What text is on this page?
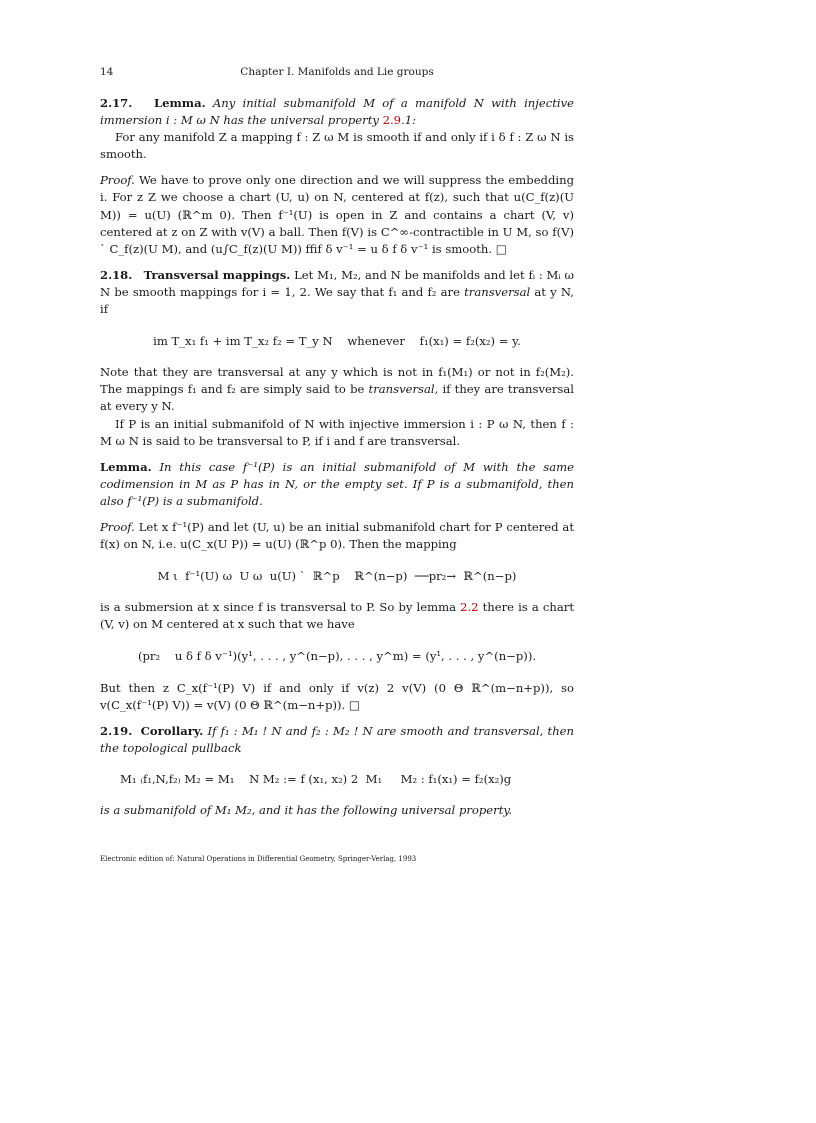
14	Chapter I. Manifolds and Lie groups

2.17. Lemma. Any initial submanifold M of a manifold N with injective immersion i : M ω N has the universal property 2.9.1:

For any manifold Z a mapping f : Z ω M is smooth if and only if i δ f : Z ω N is smooth.

Proof. We have to prove only one direction and we will suppress the embedding i. For z Z we choose a chart (U, u) on N, centered at f(z), such that u(C_f(z)(U M)) = u(U) (ℝ^m 0). Then f⁻¹(U) is open in Z and contains a chart (V, v) centered at z on Z with v(V) a ball. Then f(V) is C^∞-contractible in U M, so f(V) ` C_f(z)(U M), and (u∫C_f(z)(U M)) ﬃf δ v⁻¹ = u δ f δ v⁻¹ is smooth. □

2.18. Transversal mappings. Let M₁, M₂, and N be manifolds and let fᵢ : Mᵢ ω N be smooth mappings for i = 1, 2. We say that f₁ and f₂ are transversal at y N, if

im T_x₁ f₁ + im T_x₂ f₂ = T_y N    whenever    f₁(x₁) = f₂(x₂) = y.

Note that they are transversal at any y which is not in f₁(M₁) or not in f₂(M₂). The mappings f₁ and f₂ are simply said to be transversal, if they are transversal at every y N.

If P is an initial submanifold of N with injective immersion i : P ω N, then f : M ω N is said to be transversal to P, if i and f are transversal.

Lemma. In this case f⁻¹(P) is an initial submanifold of M with the same codimension in M as P has in N, or the empty set. If P is a submanifold, then also f⁻¹(P) is a submanifold.

Proof. Let x f⁻¹(P) and let (U, u) be an initial submanifold chart for P centered at f(x) on N, i.e. u(C_x(U P)) = u(U) (ℝ^p 0). Then the mapping

M ι  f⁻¹(U) ω  U ω  u(U) `  ℝ^p    ℝ^(n−p)  ──pr₂→  ℝ^(n−p)

is a submersion at x since f is transversal to P. So by lemma 2.2 there is a chart (V, v) on M centered at x such that we have

(pr₂    u δ f δ v⁻¹)(y¹, . . . , y^(n−p), . . . , y^m) = (y¹, . . . , y^(n−p)).

But then z C_x(f⁻¹(P) V) if and only if v(z) 2 v(V) (0 Θ ℝ^(m−n+p)), so v(C_x(f⁻¹(P) V)) = v(V) (0 Θ ℝ^(m−n+p)). □

2.19. Corollary. If f₁ : M₁ ! N and f₂ : M₂ ! N are smooth and transversal, then the topological pullback

M₁ ₍f₁,N,f₂₎ M₂ = M₁    N M₂ := f (x₁, x₂) 2  M₁     M₂ : f₁(x₁) = f₂(x₂)g

is a submanifold of M₁ M₂, and it has the following universal property.

Electronic edition of: Natural Operations in Differential Geometry, Springer-Verlag, 1993
